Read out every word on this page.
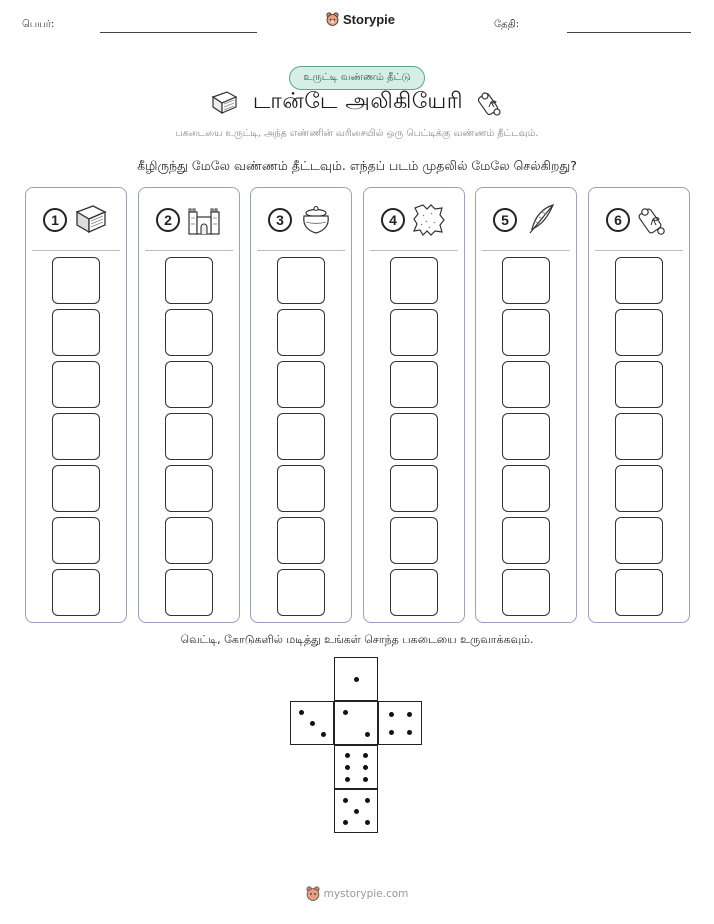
பெயர்:	Storypie	தேதி:
உருட்டி வண்ணம் தீட்டு
டான்டே அலிகியேரி
பகடையை உருட்டி, அந்த எண்ணின் வரிசையில் ஒரு பெட்டிக்கு வண்ணம் தீட்டவும்.
கீழிருந்து மேலே வண்ணம் தீட்டவும். எந்தப் படம் முதலில் மேலே செல்கிறது?
1	2	3	4	5	6
வெட்டி, கோடுகளில் மடித்து உங்கள் சொந்த பகடையை உருவாக்கவும்.
mystorypie.com
